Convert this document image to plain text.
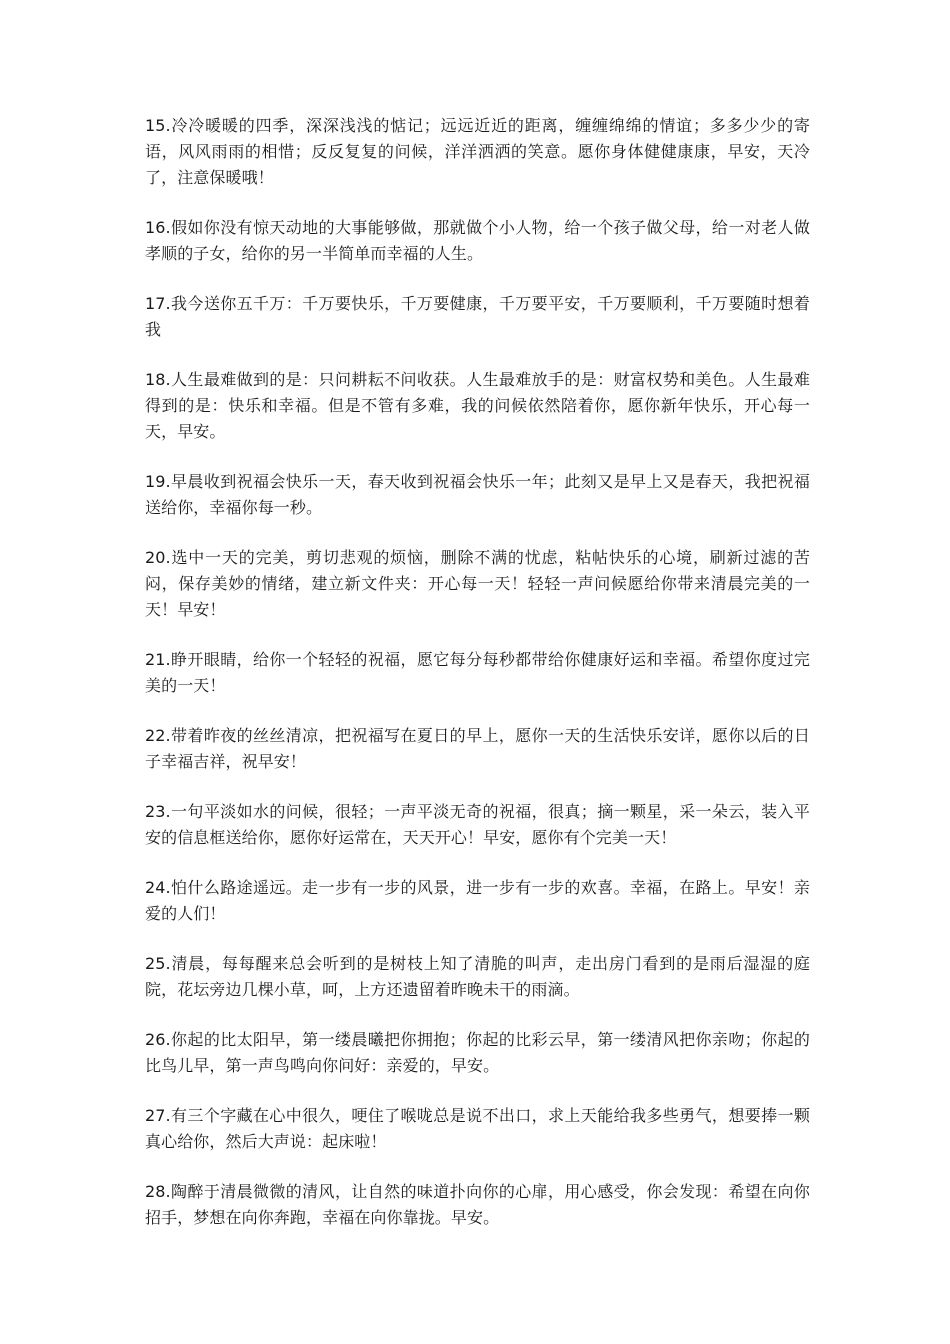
15.冷冷暖暖的四季，深深浅浅的惦记；远远近近的距离，缠缠绵绵的情谊；多多少少的寄语，风风雨雨的相惜；反反复复的问候，洋洋洒洒的笑意。愿你身体健健康康，早安，天冷了，注意保暖哦！

16.假如你没有惊天动地的大事能够做，那就做个小人物，给一个孩子做父母，给一对老人做孝顺的子女，给你的另一半简单而幸福的人生。

17.我今送你五千万：千万要快乐，千万要健康，千万要平安，千万要顺利，千万要随时想着我

18.人生最难做到的是：只问耕耘不问收获。人生最难放手的是：财富权势和美色。人生最难得到的是：快乐和幸福。但是不管有多难，我的问候依然陪着你，愿你新年快乐，开心每一天，早安。

19.早晨收到祝福会快乐一天，春天收到祝福会快乐一年；此刻又是早上又是春天，我把祝福送给你，幸福你每一秒。

20.选中一天的完美，剪切悲观的烦恼，删除不满的忧虑，粘帖快乐的心境，刷新过滤的苦闷，保存美妙的情绪，建立新文件夹：开心每一天！轻轻一声问候愿给你带来清晨完美的一天！早安！

21.睁开眼睛，给你一个轻轻的祝福，愿它每分每秒都带给你健康好运和幸福。希望你度过完美的一天！

22.带着昨夜的丝丝清凉，把祝福写在夏日的早上，愿你一天的生活快乐安详，愿你以后的日子幸福吉祥，祝早安！

23.一句平淡如水的问候，很轻；一声平淡无奇的祝福，很真；摘一颗星，采一朵云，装入平安的信息框送给你，愿你好运常在，天天开心！早安，愿你有个完美一天！

24.怕什么路途遥远。走一步有一步的风景，进一步有一步的欢喜。幸福，在路上。早安！亲爱的人们！

25.清晨，每每醒来总会听到的是树枝上知了清脆的叫声，走出房门看到的是雨后湿湿的庭院，花坛旁边几棵小草，呵，上方还遗留着昨晚未干的雨滴。

26.你起的比太阳早，第一缕晨曦把你拥抱；你起的比彩云早，第一缕清风把你亲吻；你起的比鸟儿早，第一声鸟鸣向你问好：亲爱的，早安。

27.有三个字藏在心中很久，哽住了喉咙总是说不出口，求上天能给我多些勇气，想要捧一颗真心给你，然后大声说：起床啦！

28.陶醉于清晨微微的清风，让自然的味道扑向你的心扉，用心感受，你会发现：希望在向你招手，梦想在向你奔跑，幸福在向你靠拢。早安。
